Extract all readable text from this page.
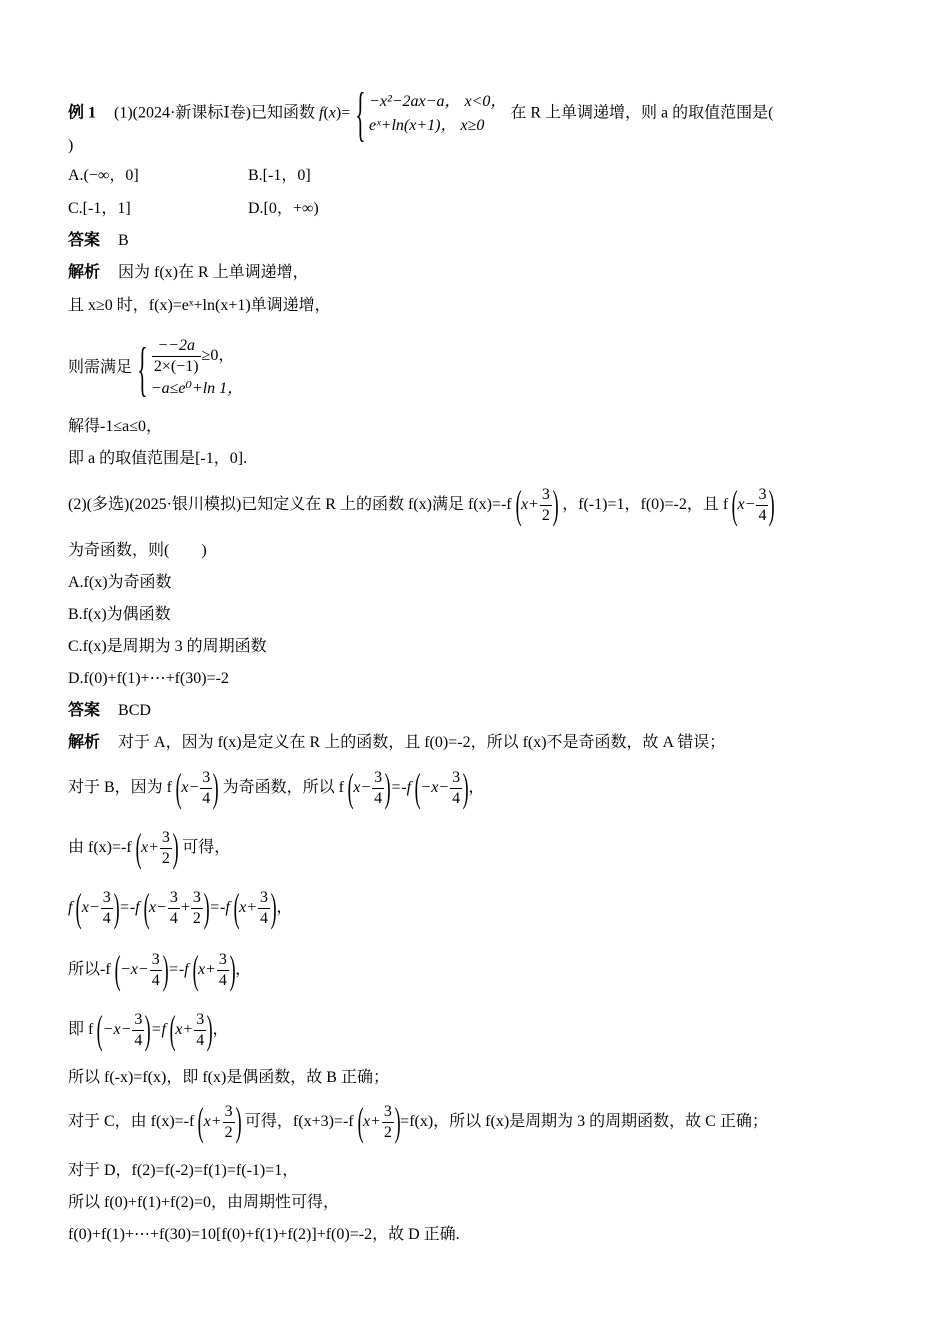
例 1 (1)(2024·新课标Ⅰ卷)已知函数 f(x)= { −x²−2ax−a， x<0，
eˣ+ln(x+1)， x≥0
在 R 上单调递增，则 a 的取值范围是(
)
A.(−∞，0]	B.[-1，0]
C.[-1，1]	D.[0，+∞)
答案 B
解析 因为 f(x)在 R 上单调递增，
且 x≥0 时，f(x)=eˣ+ln(x+1)单调递增，
则需满足 { $\frac{--2a}{2\times(-1)} \ge 0$，
−a≤e⁰+ln 1，
解得-1≤a≤0，
即 a 的取值范围是[-1，0].
(2)(多选)(2025·银川模拟)已知定义在 R 上的函数 f(x)满足 f(x)=-f ($x+ \frac{3}{2}$ ) ，f(-1)=1，f(0)=-2，且 f ($x- \frac{3}{4}$ )
为奇函数，则(　　)
A.f(x)为奇函数
B.f(x)为偶函数
C.f(x)是周期为 3 的周期函数
D.f(0)+f(1)+⋯+f(30)=-2
答案 BCD
解析 对于 A，因为 f(x)是定义在 R 上的函数，且 f(0)=-2，所以 f(x)不是奇函数，故 A 错误；
对于 B，因为 f ($x- \frac{3}{4}$ ) 为奇函数，所以 f $(x- \frac{3}{4} )=-f$ ($-x- \frac{3}{4}$ )，
由 f(x)=-f ($x+ \frac{3}{2}$ ) 可得，
f $(x- \frac{3}{4} )=-f$ $(x- \frac{3}{4} + \frac{3}{2} )=-f$ ($x+ \frac{3}{4}$ )，
所以-f $(-x- \frac{3}{4} )=-f$ ($x+ \frac{3}{4}$ )，
即 f $(-x- \frac{3}{4} )=f$ ($x+ \frac{3}{4}$ )，
所以 f(-x)=f(x)，即 f(x)是偶函数，故 B 正确；
对于 C，由 f(x)=-f ($x+ \frac{3}{2}$ ) 可得，f(x+3)=-f $(x+ \frac{3}{2} )=f(x)$，所以 f(x)是周期为 3 的周期函数，故 C 正确；
对于 D，f(2)=f(-2)=f(1)=f(-1)=1，
所以 f(0)+f(1)+f(2)=0，由周期性可得，
f(0)+f(1)+⋯+f(30)=10[f(0)+f(1)+f(2)]+f(0)=-2，故 D 正确.
